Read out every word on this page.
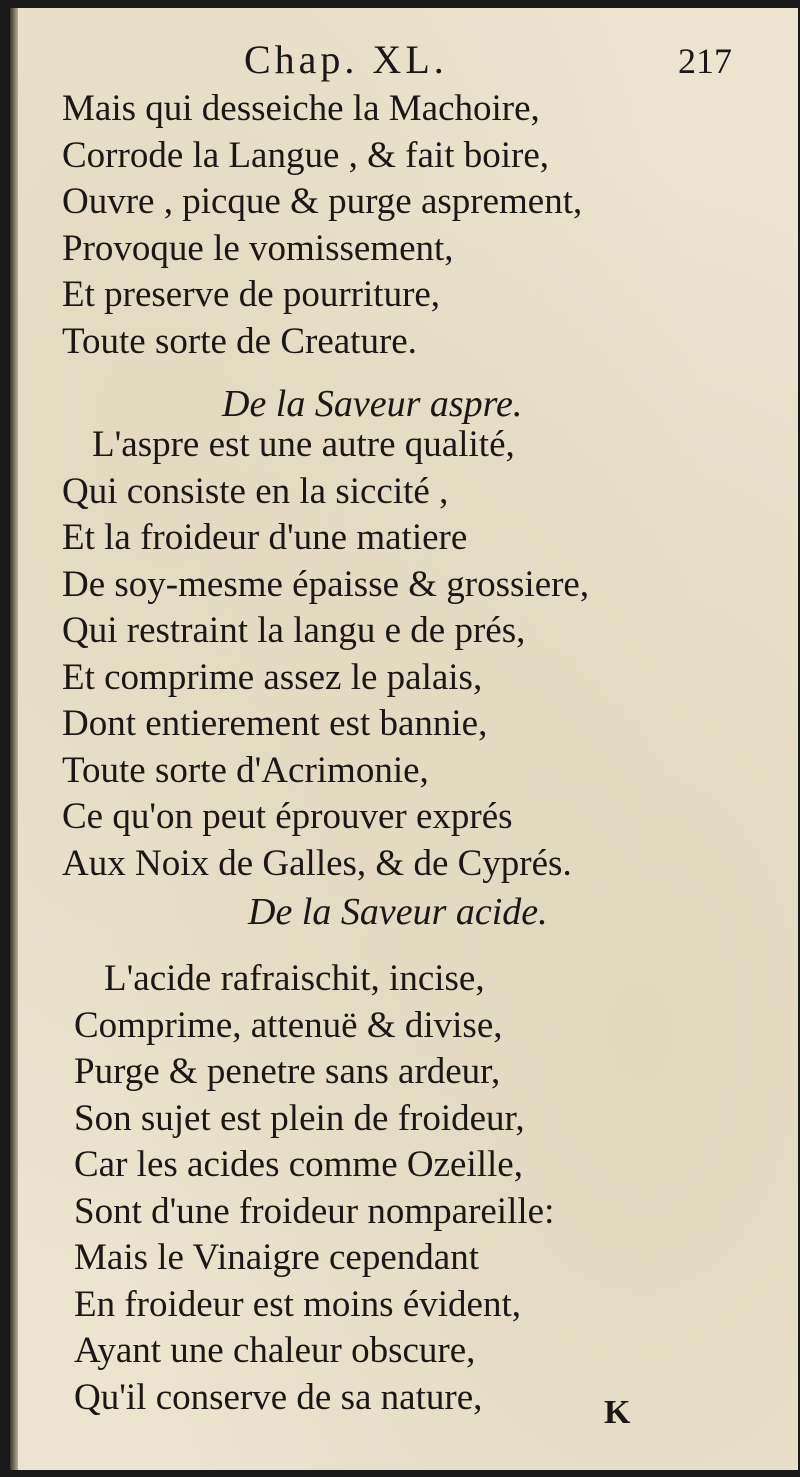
Chap. XL.	217
Mais qui desseiche la Machoire,
Corrode la Langue , & fait boire,
Ouvre , picque & purge asprement,
Provoque le vomissement,
Et preserve de pourriture,
Toute sorte de Creature.
De la Saveur aspre.
L'aspre est une autre qualité,
Qui consiste en la siccité ,
Et la froideur d'une matiere
De soy-mesme épaisse & grossiere,
Qui restraint la langu e de prés,
Et comprime assez le palais,
Dont entierement est bannie,
Toute sorte d'Acrimonie,
Ce qu'on peut éprouver exprés
Aux Noix de Galles, & de Cyprés.
De la Saveur acide.
L'acide rafraischit, incise,
Comprime, attenuë & divise,
Purge & penetre sans ardeur,
Son sujet est plein de froideur,
Car les acides comme Ozeille,
Sont d'une froideur nompareille:
Mais le Vinaigre cependant
En froideur est moins évident,
Ayant une chaleur obscure,
Qu'il conserve de sa nature,	K
